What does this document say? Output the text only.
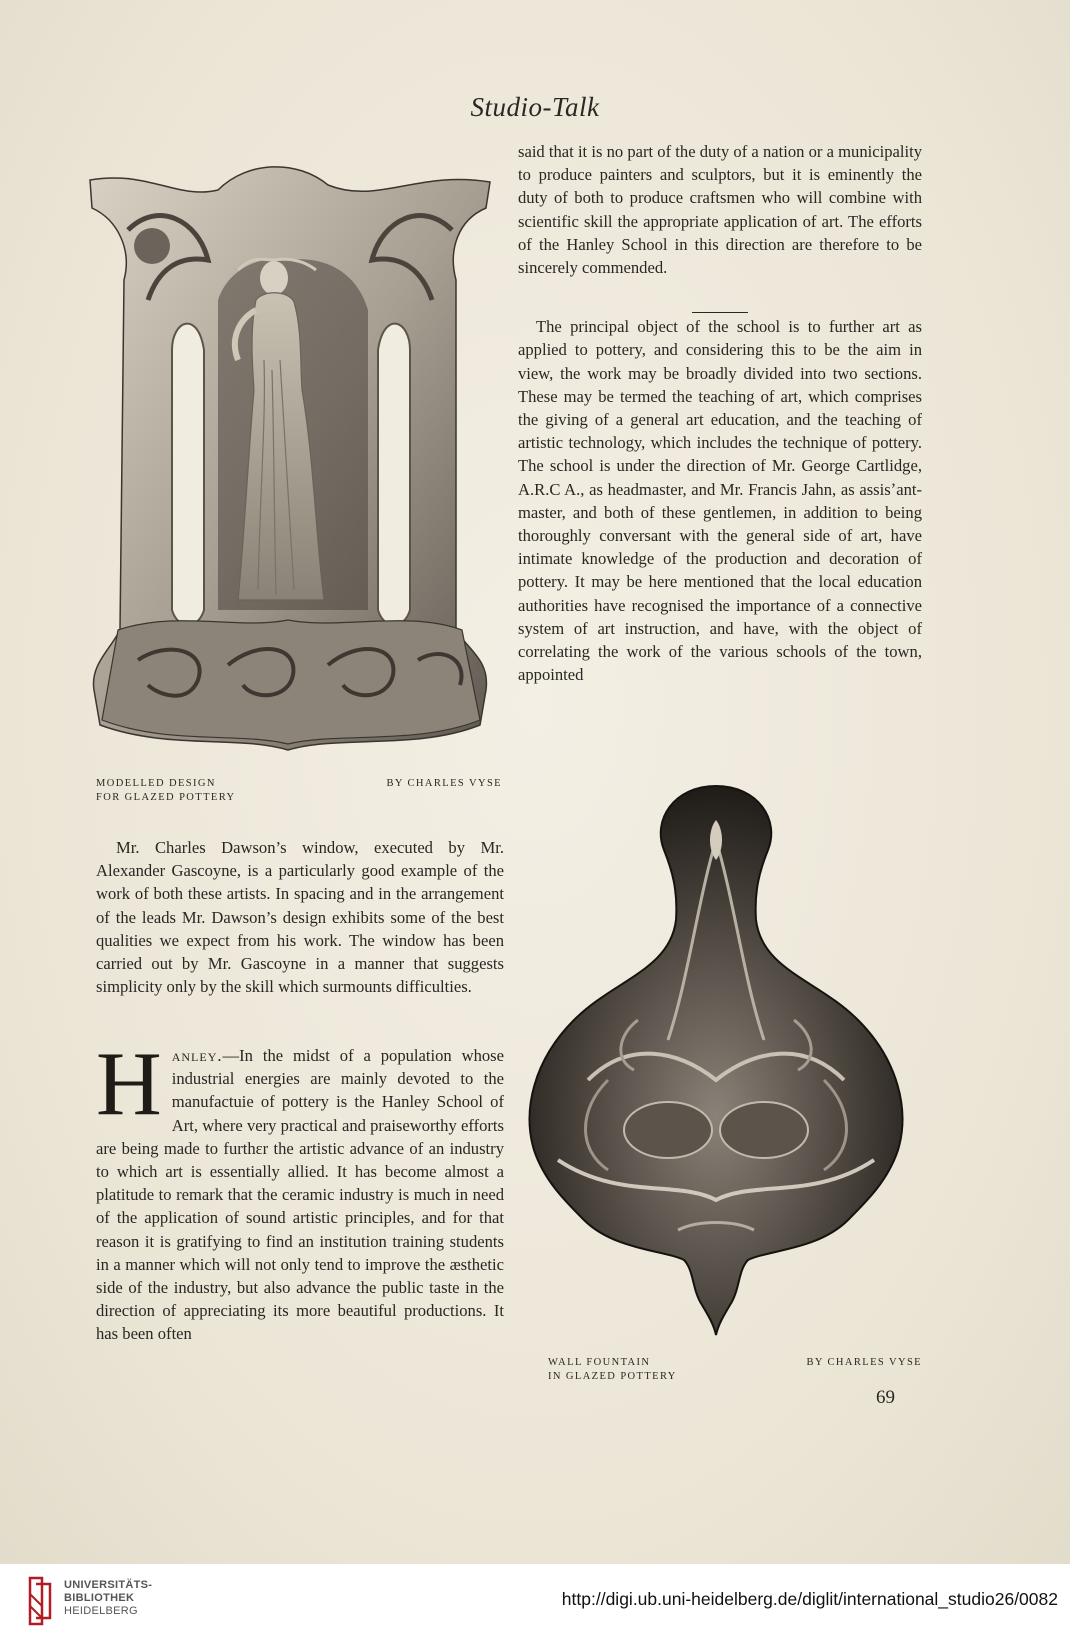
Studio-Talk
MODELLED DESIGN
FOR GLAZED POTTERY
BY CHARLES VYSE

said that it is no part of the duty of a nation or a municipality to produce painters and sculptors, but it is eminently the duty of both to produce craftsmen who will combine with scientific skill the appropriate application of art. The efforts of the Hanley School in this direction are therefore to be sincerely commended.

The principal object of the school is to further art as applied to pottery, and considering this to be the aim in view, the work may be broadly divided into two sections. These may be termed the teaching of art, which comprises the giving of a general art education, and the teaching of artistic technology, which includes the technique of pottery. The school is under the direction of Mr. George Cartlidge, A.R.C A., as headmaster, and Mr. Francis Jahn, as assisʼant-master, and both of these gentlemen, in addition to being thoroughly conversant with the general side of art, have intimate knowledge of the production and decoration of pottery. It may be here mentioned that the local education authorities have recognised the importance of a connective system of art instruction, and have, with the object of correlating the work of the various schools of the town, appointed

WALL FOUNTAIN
IN GLAZED POTTERY
BY CHARLES VYSE
Mr. Charles Dawson’s window, executed by Mr. Alexander Gascoyne, is a particularly good example of the work of both these artists. In spacing and in the arrangement of the leads Mr. Dawson’s design exhibits some of the best qualities we expect from his work. The window has been carried out by Mr. Gascoyne in a manner that suggests simplicity only by the skill which surmounts difficulties.
Hanley.—In the midst of a population whose industrial energies are mainly devoted to the manufactuie of pottery is the Hanley School of Art, where very practical and praiseworthy efforts are being made to furthεr the artistic advance of an industry to which art is essentially allied. It has become almost a platitude to remark that the ceramic industry is much in need of the application of sound artistic principles, and for that reason it is gratifying to find an institution training students in a manner which will not only tend to improve the æsthetic side of the industry, but also advance the public taste in the direction of appreciating its more beautiful productions. It has been often
69
UNIVERSITÄTS-
BIBLIOTHEK
HEIDELBERG
http://digi.ub.uni-heidelberg.de/diglit/international_studio26/0082
